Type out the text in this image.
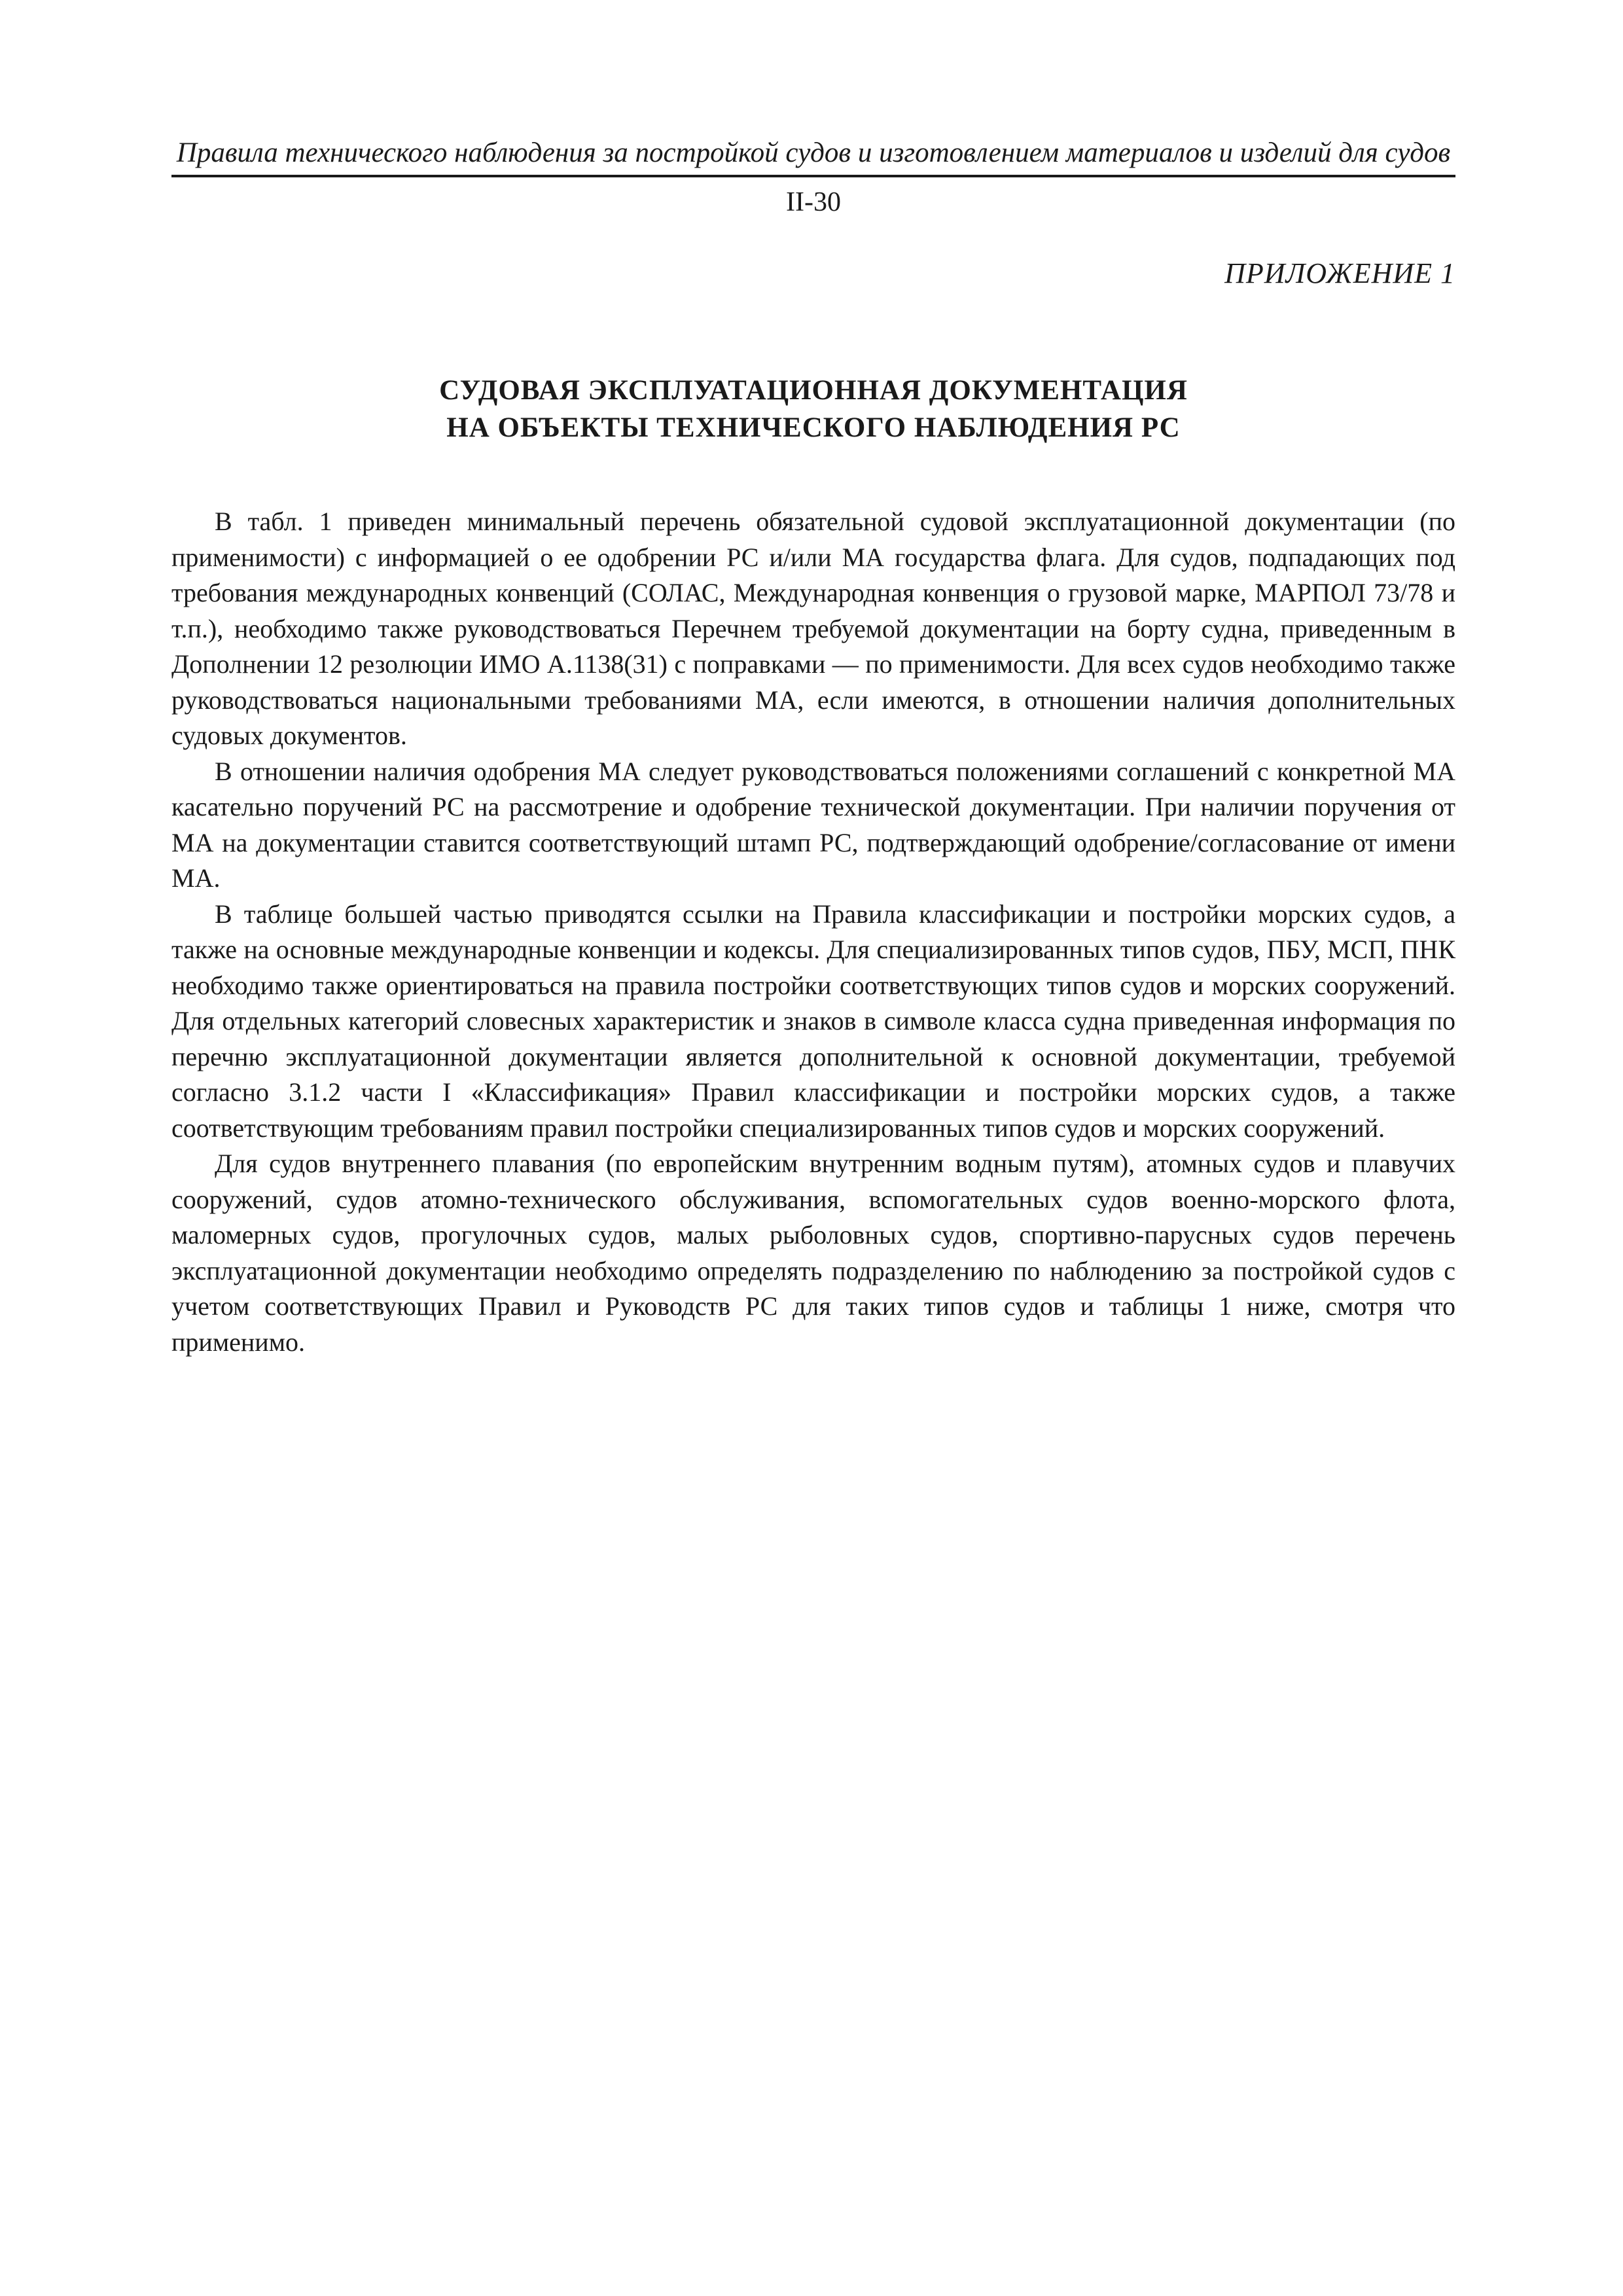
Правила технического наблюдения за постройкой судов и изготовлением материалов и изделий для судов
II-30
ПРИЛОЖЕНИЕ 1
СУДОВАЯ ЭКСПЛУАТАЦИОННАЯ ДОКУМЕНТАЦИЯ
НА ОБЪЕКТЫ ТЕХНИЧЕСКОГО НАБЛЮДЕНИЯ РС

В табл. 1 приведен минимальный перечень обязательной судовой эксплуатационной документации (по применимости) с информацией о ее одобрении РС и/или МА государства флага. Для судов, подпадающих под требования международных конвенций (СОЛАС, Международная конвенция о грузовой марке, МАРПОЛ 73/78 и т.п.), необходимо также руководствоваться Перечнем требуемой документации на борту судна, приведенным в Дополнении 12 резолюции ИМО А.1138(31) с поправками — по применимости. Для всех судов необходимо также руководствоваться национальными требованиями МА, если имеются, в отношении наличия дополнительных судовых документов.

В отношении наличия одобрения МА следует руководствоваться положениями соглашений с конкретной МА касательно поручений РС на рассмотрение и одобрение технической документации. При наличии поручения от МА на документации ставится соответствующий штамп РС, подтверждающий одобрение/согласование от имени МА.

В таблице большей частью приводятся ссылки на Правила классификации и постройки морских судов, а также на основные международные конвенции и кодексы. Для специализированных типов судов, ПБУ, МСП, ПНК необходимо также ориентироваться на правила постройки соответствующих типов судов и морских сооружений. Для отдельных категорий словесных характеристик и знаков в символе класса судна приведенная информация по перечню эксплуатационной документации является дополнительной к основной документации, требуемой согласно 3.1.2 части I «Классификация» Правил классификации и постройки морских судов, а также соответствующим требованиям правил постройки специализированных типов судов и морских сооружений.

Для судов внутреннего плавания (по европейским внутренним водным путям), атомных судов и плавучих сооружений, судов атомно-технического обслуживания, вспомогательных судов военно-морского флота, маломерных судов, прогулочных судов, малых рыболовных судов, спортивно-парусных судов перечень эксплуатационной документации необходимо определять подразделению по наблюдению за постройкой судов с учетом соответствующих Правил и Руководств РС для таких типов судов и таблицы 1 ниже, смотря что применимо.
